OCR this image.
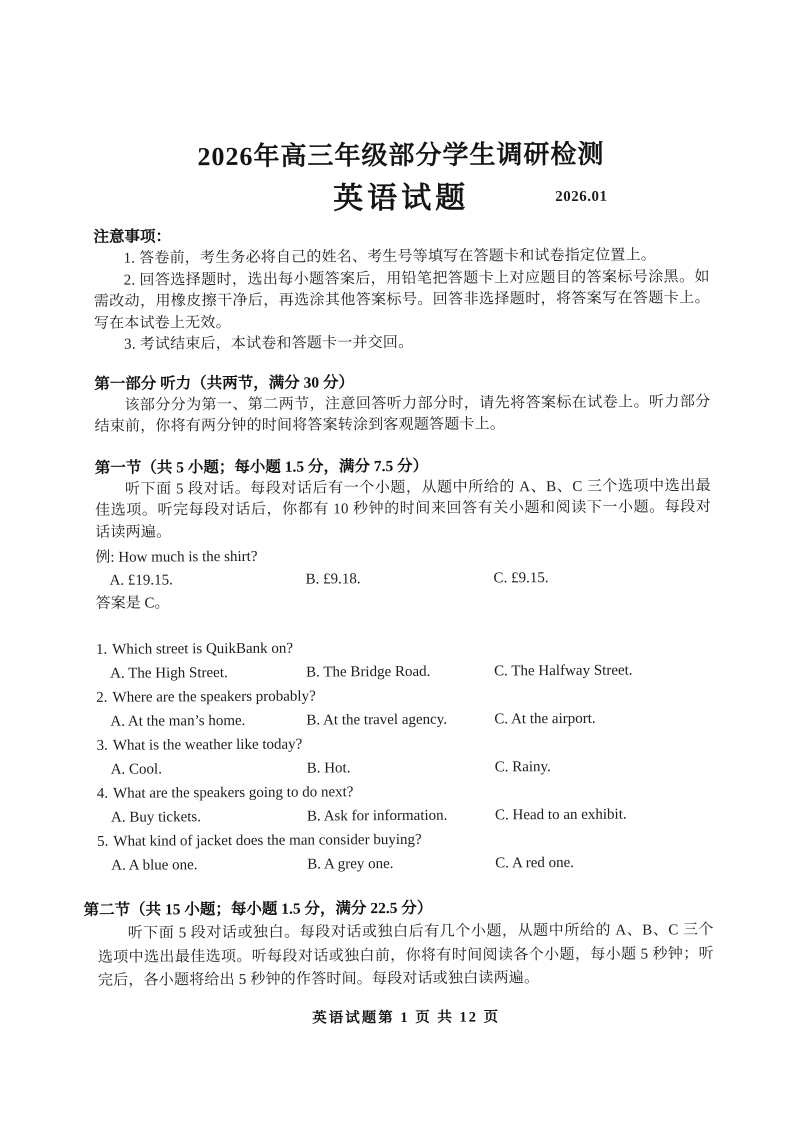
2026年高三年级部分学生调研检测
英语试题	2026.01

注意事项：

1. 答卷前，考生务必将自己的姓名、考生号等填写在答题卡和试卷指定位置上。

2. 回答选择题时，选出每小题答案后，用铅笔把答题卡上对应题目的答案标号涂黑。如需改动，用橡皮擦干净后，再选涂其他答案标号。回答非选择题时，将答案写在答题卡上。写在本试卷上无效。

3. 考试结束后，本试卷和答题卡一并交回。

第一部分 听力（共两节，满分 30 分）

该部分分为第一、第二两节，注意回答听力部分时，请先将答案标在试卷上。听力部分结束前，你将有两分钟的时间将答案转涂到客观题答题卡上。

第一节（共 5 小题；每小题 1.5 分，满分 7.5 分）

听下面 5 段对话。每段对话后有一个小题，从题中所给的 A、B、C 三个选项中选出最佳选项。听完每段对话后，你都有 10 秒钟的时间来回答有关小题和阅读下一小题。每段对话读两遍。

例: How much is the shirt?

A. £19.15.	B. £9.18.	C. £9.15.

答案是 C。

1. Which street is QuikBank on?

A. The High Street.	B. The Bridge Road.	C. The Halfway Street.

2. Where are the speakers probably?

A. At the man’s home.	B. At the travel agency.	C. At the airport.

3. What is the weather like today?

A. Cool.	B. Hot.	C. Rainy.

4. What are the speakers going to do next?

A. Buy tickets.	B. Ask for information.	C. Head to an exhibit.

5. What kind of jacket does the man consider buying?

A. A blue one.	B. A grey one.	C. A red one.

第二节（共 15 小题；每小题 1.5 分，满分 22.5 分）

听下面 5 段对话或独白。每段对话或独白后有几个小题，从题中所给的 A、B、C 三个选项中选出最佳选项。听每段对话或独白前，你将有时间阅读各个小题，每小题 5 秒钟；听完后，各小题将给出 5 秒钟的作答时间。每段对话或独白读两遍。

英语试题第 1 页 共 12 页
